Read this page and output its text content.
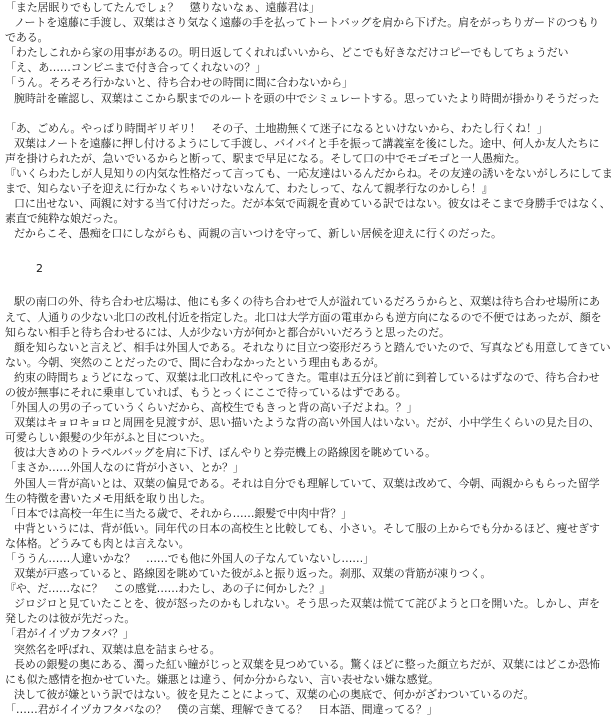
「また居眠りでもしてたんでしょ？　懲りないなぁ、遠藤君は」
ノートを遠藤に手渡し、双葉はさり気なく遠藤の手を払ってトートバッグを肩から下げた。肩をがっちりガードのつもり
である。
「わたしこれから家の用事があるの。明日返してくれればいいから、どこでも好きなだけコピーでもしてちょうだい
「え、あ……コンビニまで付き合ってくれないの？」
「うん。そろそろ行かないと、待ち合わせの時間に間に合わないから」
腕時計を確認し、双葉はここから駅までのルートを頭の中でシミュレートする。思っていたより時間が掛かりそうだった
「あ、ごめん。やっぱり時間ギリギリ！　その子、土地勘無くて迷子になるといけないから、わたし行くね！」
双葉はノートを遠藤に押し付けるようにして手渡し、バイバイと手を振って講義室を後にした。途中、何人か友人たちに
声を掛けられたが、急いでいるからと断って、駅まで早足になる。そして口の中でモゴモゴと一人愚痴た。
『いくらわたしが人見知りの内気な性格だって言っても、一応友達はいるんだからね。その友達の誘いをないがしろにしてま
まで、知らない子を迎えに行かなくちゃいけないなんて、わたしって、なんて親孝行なのかしら！』
口に出せない、両親に対する当て付けだった。だが本気で両親を責めている訳ではない。彼女はそこまで身勝手ではなく、
素直で純粋な娘だった。
だからこそ、愚痴を口にしながらも、両親の言いつけを守って、新しい居候を迎えに行くのだった。
2
駅の南口の外、待ち合わせ広場は、他にも多くの待ち合わせで人が溢れているだろうからと、双葉は待ち合わせ場所にあ
えて、人通りの少ない北口の改札付近を指定した。北口は大学方面の電車からも逆方向になるので不便ではあったが、顔を
知らない相手と待ち合わせるには、人が少ない方が何かと都合がいいだろうと思ったのだ。
顔を知らないと言えど、相手は外国人である。それなりに目立つ姿形だろうと踏んでいたので、写真なども用意してきてい
ない。今朝、突然のことだったので、間に合わなかったという理由もあるが。
約束の時間ちょうどになって、双葉は北口改札にやってきた。電車は五分ほど前に到着しているはずなので、待ち合わせ
の彼が無事にそれに乗車していれば、もうとっくにここで待っているはずである。
「外国人の男の子っていうくらいだから、高校生でもきっと背の高い子だよね。？」
双葉はキョロキョロと周囲を見渡すが、思い描いたような背の高い外国人はいない。だが、小中学生くらいの見た目の、
可愛らしい銀髪の少年がふと目についた。
彼は大きめのトラベルバッグを肩に下げ、ぼんやりと券売機上の路線図を眺めている。
「まさか……外国人なのに背が小さい、とか？」
外国人＝背が高いとは、双葉の偏見である。それは自分でも理解していて、双葉は改めて、今朝、両親からもらった留学
生の特徴を書いたメモ用紙を取り出した。
「日本では高校一年生に当たる歳で、それから……銀髪で中肉中背？」
中背というには、背が低い。同年代の日本の高校生と比較しても、小さい。そして服の上からでも分かるほど、痩せぎす
な体格。どうみても肉とは言えない。
「ううん……人違いかな？　……でも他に外国人の子なんていないし……」
双葉が戸惑っていると、路線図を眺めていた彼がふと振り返った。刹那、双葉の背筋が凍りつく。
『や、だ……なに？　この感覚……わたし、あの子に何かした？』
ジロジロと見ていたことを、彼が怒ったのかもしれない。そう思った双葉は慌てて詫びようと口を開いた。しかし、声を
発したのは彼が先だった。
「君がイイヅカフタバ？」
突然名を呼ばれ、双葉は息を詰まらせる。
長めの銀髪の奥にある、濁った紅い瞳がじっと双葉を見つめている。驚くほどに整った顔立ちだが、双葉にはどこか恐怖
にも似た感情を抱かせていた。嫌悪とは違う、何か分からない、言い表せない嫌な感覚。
決して彼が嫌という訳ではない。彼を見たことによって、双葉の心の奥底で、何かがざわついているのだ。
「……君がイイヅカフタバなの？　僕の言葉、理解できてる？　日本語、間違ってる？」
